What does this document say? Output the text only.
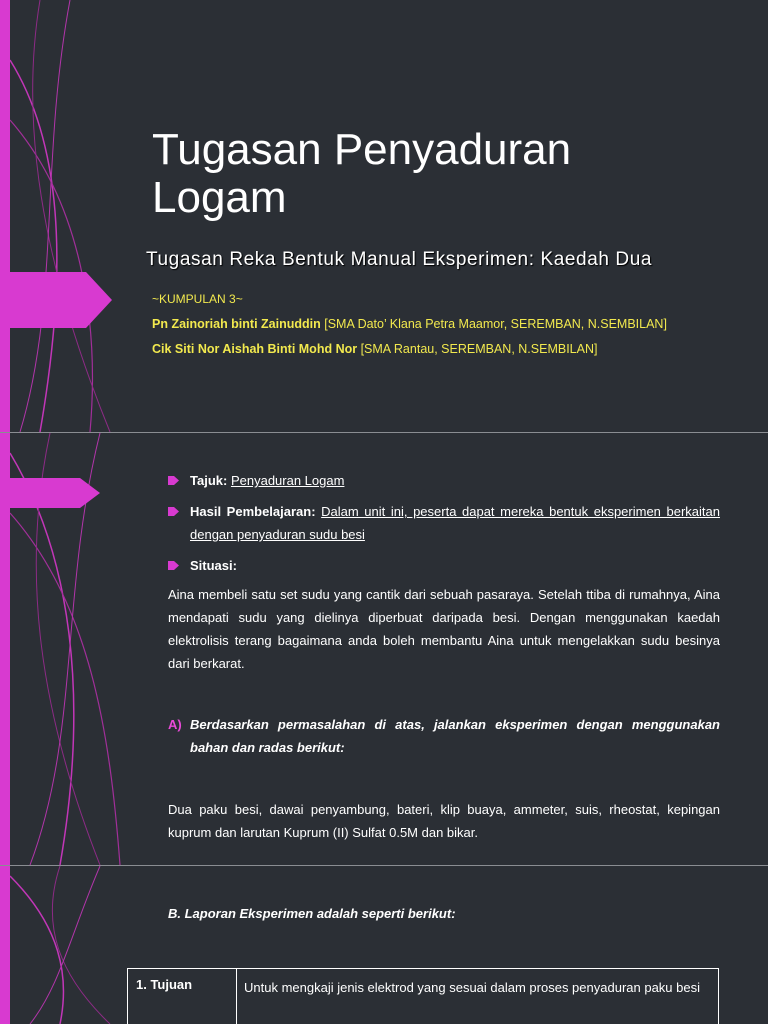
Tugasan Penyaduran
Logam
Tugasan Reka Bentuk Manual Eksperimen: Kaedah Dua
~KUMPULAN 3~
Pn Zainoriah binti Zainuddin [SMA Dato’ Klana Petra Maamor, SEREMBAN, N.SEMBILAN]
Cik Siti Nor Aishah Binti Mohd Nor [SMA Rantau, SEREMBAN, N.SEMBILAN]
Tajuk: Penyaduran Logam
Hasil Pembelajaran: Dalam unit ini, peserta dapat mereka bentuk eksperimen berkaitan dengan penyaduran sudu besi
Situasi:
Aina membeli satu set sudu yang cantik dari sebuah pasaraya. Setelah ttiba di rumahnya, Aina mendapati sudu yang dielinya diperbuat daripada besi. Dengan menggunakan kaedah elektrolisis terang bagaimana anda boleh membantu Aina untuk mengelakkan sudu besinya dari berkarat.
A) Berdasarkan permasalahan di atas, jalankan eksperimen dengan menggunakan bahan dan radas berikut:
Dua paku besi, dawai penyambung, bateri, klip buaya, ammeter, suis, rheostat, kepingan kuprum dan larutan Kuprum (II) Sulfat 0.5M dan bikar.
B. Laporan Eksperimen adalah seperti berikut:
1. Tujuan	Untuk mengkaji jenis elektrod yang sesuai dalam proses penyaduran paku besi
